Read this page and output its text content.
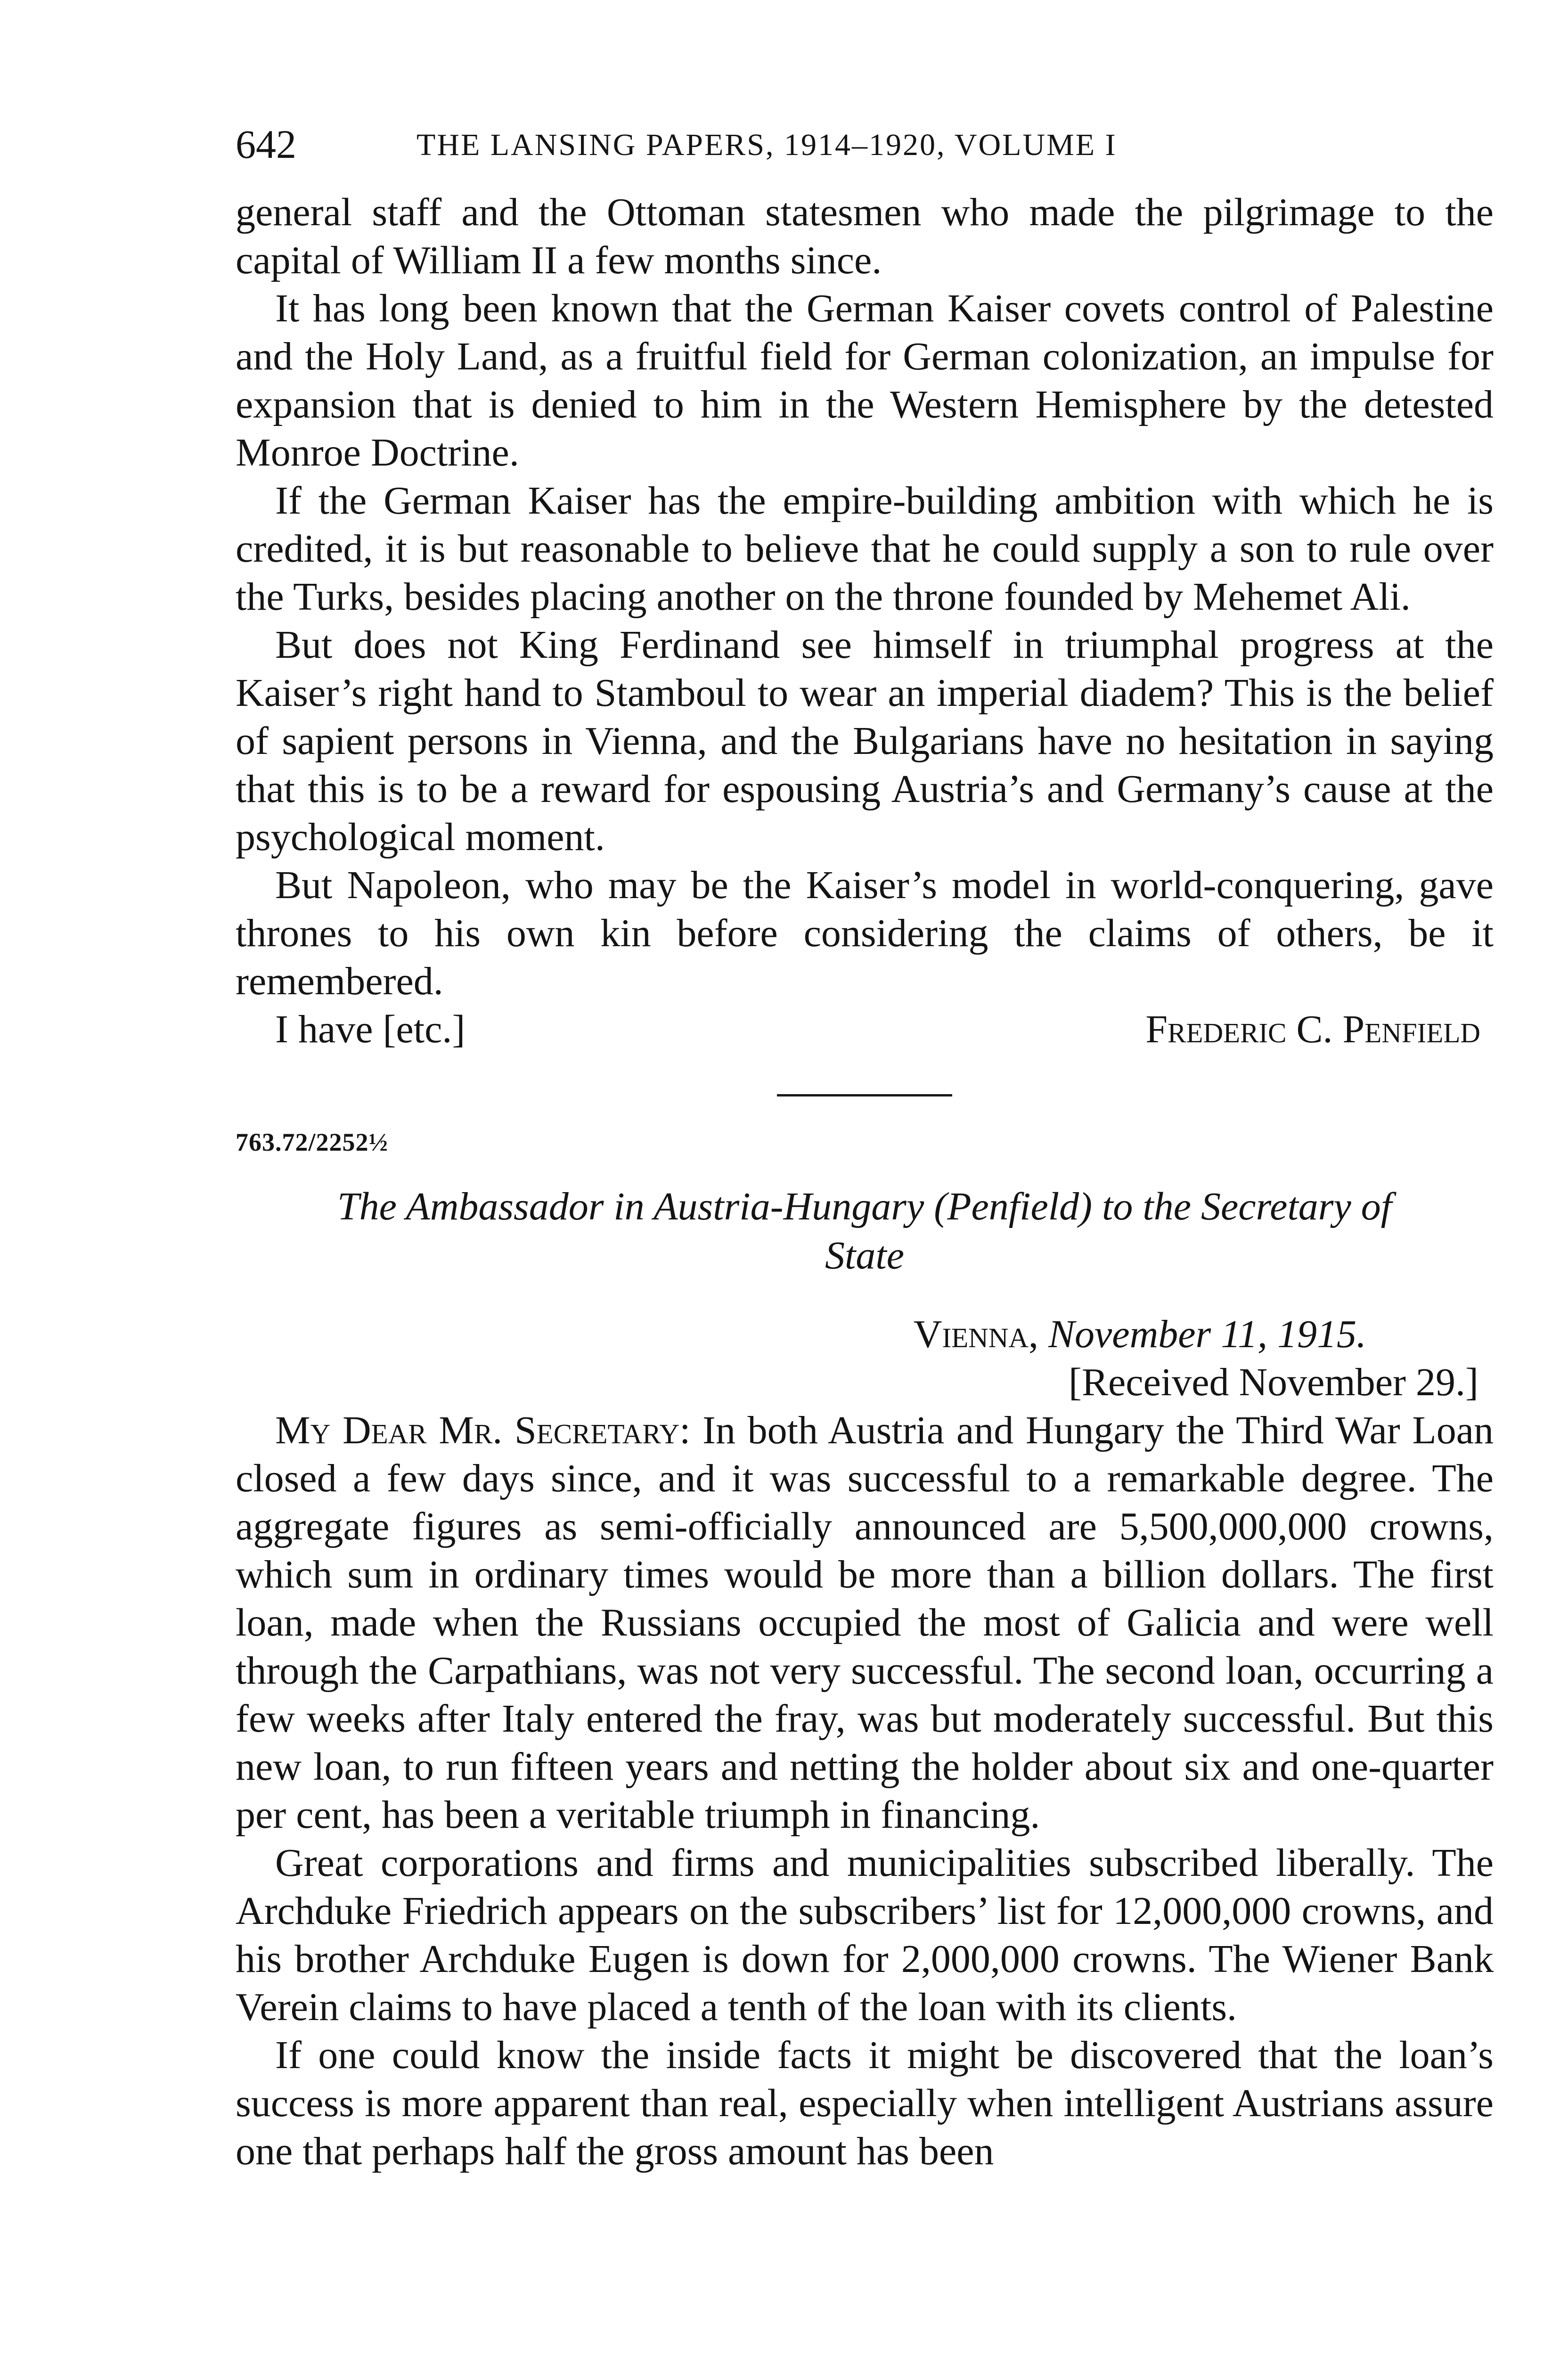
642	THE LANSING PAPERS, 1914–1920, VOLUME I

general staff and the Ottoman statesmen who made the pilgrimage to the capital of William II a few months since.

It has long been known that the German Kaiser covets control of Palestine and the Holy Land, as a fruitful field for German colonization, an impulse for expansion that is denied to him in the Western Hemisphere by the detested Monroe Doctrine.

If the German Kaiser has the empire-building ambition with which he is credited, it is but reasonable to believe that he could supply a son to rule over the Turks, besides placing another on the throne founded by Mehemet Ali.

But does not King Ferdinand see himself in triumphal progress at the Kaiser’s right hand to Stamboul to wear an imperial diadem? This is the belief of sapient persons in Vienna, and the Bulgarians have no hesitation in saying that this is to be a reward for espousing Austria’s and Germany’s cause at the psychological moment.

But Napoleon, who may be the Kaiser’s model in world-conquering, gave thrones to his own kin before considering the claims of others, be it remembered.

I have [etc.]	Frederic C. Penfield
763.72/2252½
The Ambassador in Austria-Hungary (Penfield) to the Secretary of
State
Vienna, November 11, 1915.
[Received November 29.]

My Dear Mr. Secretary: In both Austria and Hungary the Third War Loan closed a few days since, and it was successful to a remarkable degree. The aggregate figures as semi-officially announced are 5,500,000,000 crowns, which sum in ordinary times would be more than a billion dollars. The first loan, made when the Russians occupied the most of Galicia and were well through the Carpathians, was not very successful. The second loan, occurring a few weeks after Italy entered the fray, was but moderately successful. But this new loan, to run fifteen years and netting the holder about six and one-quarter per cent, has been a veritable triumph in financing.

Great corporations and firms and municipalities subscribed liberally. The Archduke Friedrich appears on the subscribers’ list for 12,000,000 crowns, and his brother Archduke Eugen is down for 2,000,000 crowns. The Wiener Bank Verein claims to have placed a tenth of the loan with its clients.

If one could know the inside facts it might be discovered that the loan’s success is more apparent than real, especially when intelligent Austrians assure one that perhaps half the gross amount has been
